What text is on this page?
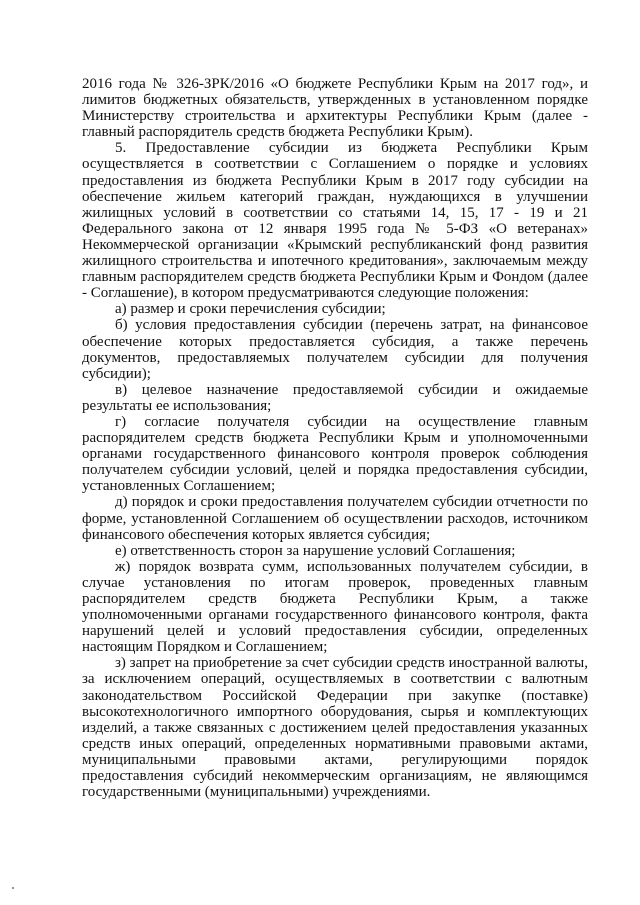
2016 года № 326-ЗРК/2016 «О бюджете Республики Крым на 2017 год», и лимитов бюджетных обязательств, утвержденных в установленном порядке Министерству строительства и архитектуры Республики Крым (далее - главный распорядитель средств бюджета Республики Крым).

5. Предоставление субсидии из бюджета Республики Крым осуществляется в соответствии с Соглашением о порядке и условиях предоставления из бюджета Республики Крым в 2017 году субсидии на обеспечение жильем категорий граждан, нуждающихся в улучшении жилищных условий в соответствии со статьями 14, 15, 17 - 19 и 21 Федерального закона от 12 января 1995 года № 5-ФЗ «О ветеранах» Некоммерческой организации «Крымский республиканский фонд развития жилищного строительства и ипотечного кредитования», заключаемым между главным распорядителем средств бюджета Республики Крым и Фондом (далее - Соглашение), в котором предусматриваются следующие положения:

а) размер и сроки перечисления субсидии;

б) условия предоставления субсидии (перечень затрат, на финансовое обеспечение которых предоставляется субсидия, а также перечень документов, предоставляемых получателем субсидии для получения субсидии);

в) целевое назначение предоставляемой субсидии и ожидаемые результаты ее использования;

г) согласие получателя субсидии на осуществление главным распорядителем средств бюджета Республики Крым и уполномоченными органами государственного финансового контроля проверок соблюдения получателем субсидии условий, целей и порядка предоставления субсидии, установленных Соглашением;

д) порядок и сроки предоставления получателем субсидии отчетности по форме, установленной Соглашением об осуществлении расходов, источником финансового обеспечения которых является субсидия;

е) ответственность сторон за нарушение условий Соглашения;

ж) порядок возврата сумм, использованных получателем субсидии, в случае установления по итогам проверок, проведенных главным распорядителем средств бюджета Республики Крым, а также уполномоченными органами государственного финансового контроля, факта нарушений целей и условий предоставления субсидии, определенных настоящим Порядком и Соглашением;

з) запрет на приобретение за счет субсидии средств иностранной валюты, за исключением операций, осуществляемых в соответствии с валютным законодательством Российской Федерации при закупке (поставке) высокотехнологичного импортного оборудования, сырья и комплектующих изделий, а также связанных с достижением целей предоставления указанных средств иных операций, определенных нормативными правовыми актами, муниципальными правовыми актами, регулирующими порядок предоставления субсидий некоммерческим организациям, не являющимся государственными (муниципальными) учреждениями.
